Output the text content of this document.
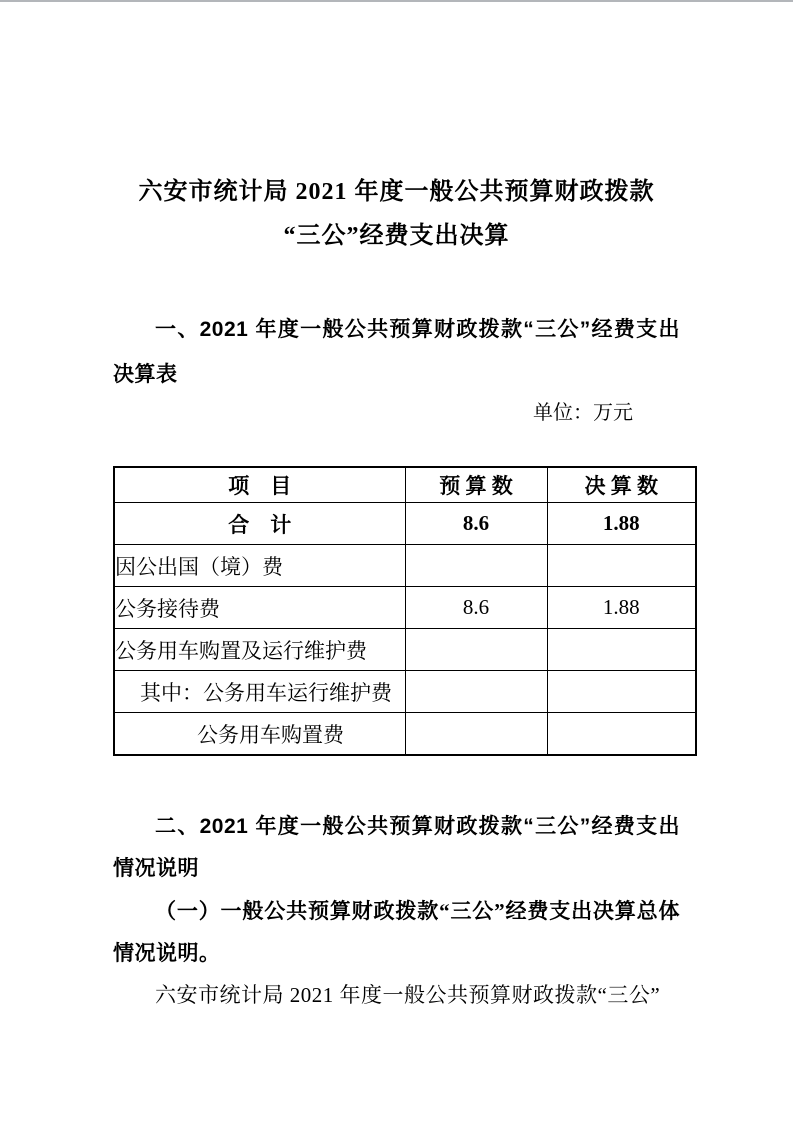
六安市统计局 2021 年度一般公共预算财政拨款
“三公”经费支出决算
一、2021 年度一般公共预算财政拨款“三公”经费支出决算表
单位：万元
项　目	预 算 数	决 算 数
合　计	8.6	1.88
因公出国（境）费		
公务接待费	8.6	1.88
公务用车购置及运行维护费		
其中：公务用车运行维护费		
公务用车购置费		
二、2021 年度一般公共预算财政拨款“三公”经费支出情况说明
（一）一般公共预算财政拨款“三公”经费支出决算总体情况说明。
六安市统计局 2021 年度一般公共预算财政拨款“三公”
